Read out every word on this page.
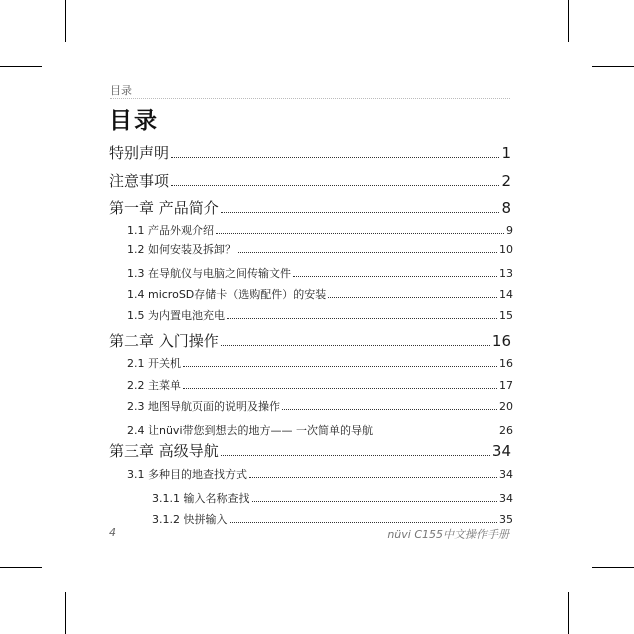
目录
目录
特别声明	1
注意事项	2
第一章 产品简介	8
1.1 产品外观介绍	9
1.2 如何安装及拆卸？	10
1.3 在导航仪与电脑之间传输文件	13
1.4 microSD存储卡（选购配件）的安装	14
1.5 为内置电池充电	15
第二章 入门操作	16
2.1 开关机	16
2.2 主菜单	17
2.3 地图导航页面的说明及操作	20
2.4 让nüvi带您到想去的地方—— 一次简单的导航	26
第三章 高级导航	34
3.1 多种目的地查找方式	34
3.1.1 输入名称查找	34
3.1.2 快拼输入	35
4	nüvi C155中文操作手册
